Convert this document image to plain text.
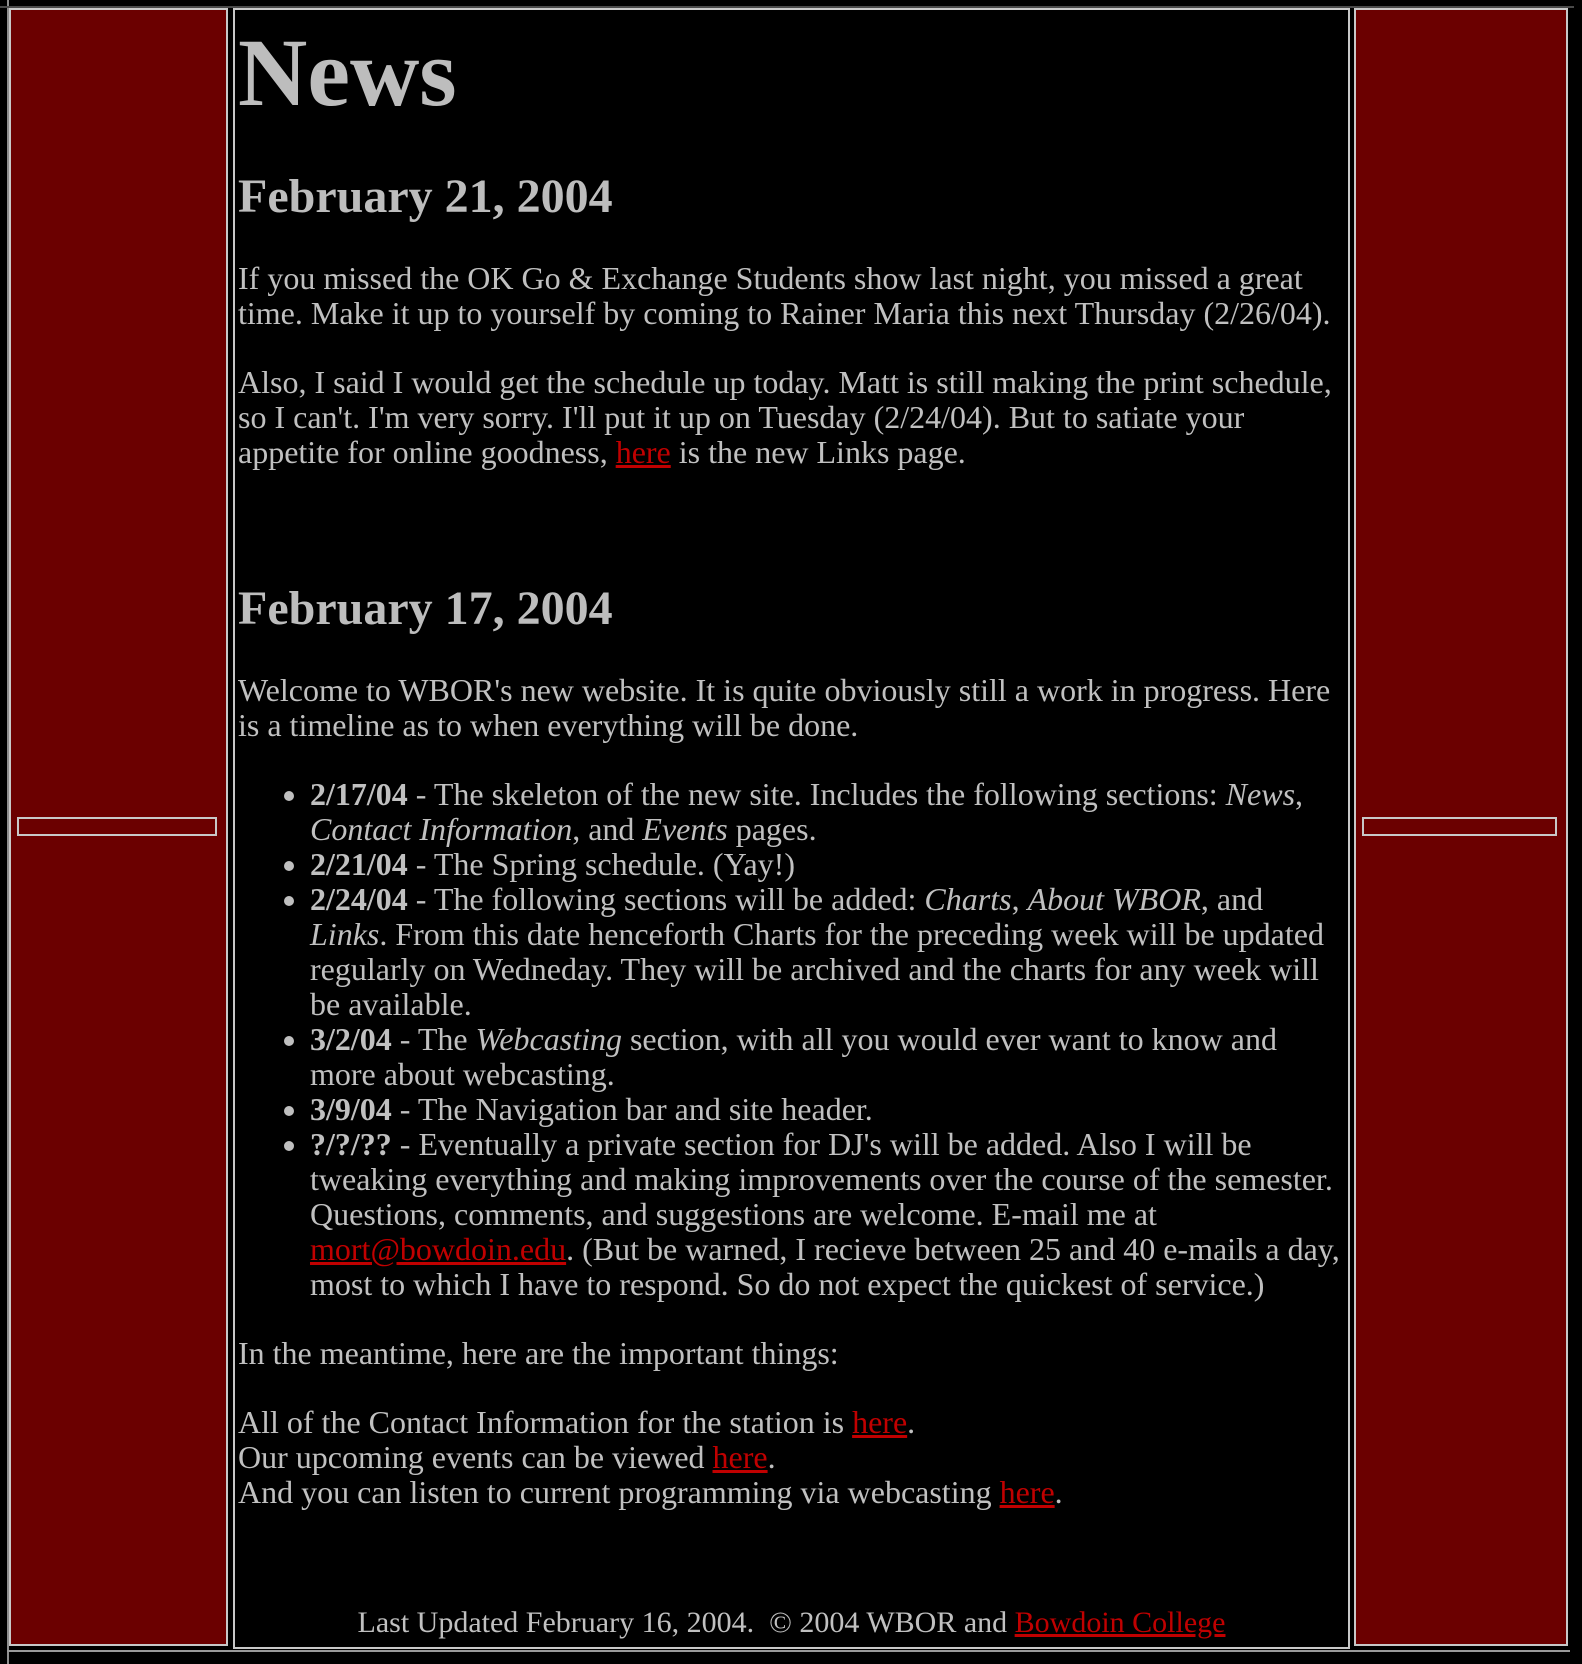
News
February 21, 2004

If you missed the OK Go & Exchange Students show last night, you missed a great time. Make it up to yourself by coming to Rainer Maria this next Thursday (2/26/04).

Also, I said I would get the schedule up today. Matt is still making the print schedule, so I can't. I'm very sorry. I'll put it up on Tuesday (2/24/04). But to satiate your appetite for online goodness, here is the new Links page.

February 17, 2004

Welcome to WBOR's new website. It is quite obviously still a work in progress. Here is a timeline as to when everything will be done.

• 2/17/04 - The skeleton of the new site. Includes the following sections: News, Contact Information, and Events pages.
• 2/21/04 - The Spring schedule. (Yay!)
• 2/24/04 - The following sections will be added: Charts, About WBOR, and Links. From this date henceforth Charts for the preceding week will be updated regularly on Wedneday. They will be archived and the charts for any week will be available.
• 3/2/04 - The Webcasting section, with all you would ever want to know and more about webcasting.
• 3/9/04 - The Navigation bar and site header.
• ?/?/?? - Eventually a private section for DJ's will be added. Also I will be tweaking everything and making improvements over the course of the semester. Questions, comments, and suggestions are welcome. E-mail me at mort@bowdoin.edu. (But be warned, I recieve between 25 and 40 e-mails a day, most to which I have to respond. So do not expect the quickest of service.)

In the meantime, here are the important things:

All of the Contact Information for the station is here.
Our upcoming events can be viewed here.
And you can listen to current programming via webcasting here.

Last Updated February 16, 2004.  © 2004 WBOR and Bowdoin College
